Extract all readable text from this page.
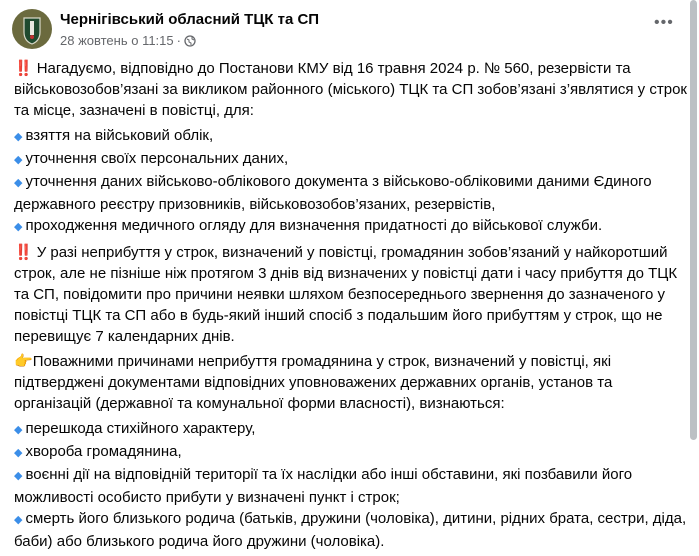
Чернігівський обласний ТЦК та СП
28 жовтень о 11:15 ·
•••
‼️ Нагадуємо, відповідно до Постанови КМУ від 16 травня 2024 р. № 560, резервісти та
військовозобов’язані за викликом районного (міського) ТЦК та СП зобов’язані з’являтися у строк
та місце, зазначені в повістці, для:
◆ взяття на військовий облік,
◆ уточнення своїх персональних даних,
◆ уточнення даних військово-облікового документа з військово-обліковими даними Єдиного
державного реєстру призовників, військовозобов’язаних, резервістів,
◆ проходження медичного огляду для визначення придатності до військової служби.
‼️ У разі неприбуття у строк, визначений у повістці, громадянин зобов’язаний у найкоротший
строк, але не пізніше ніж протягом 3 днів від визначених у повістці дати і часу прибуття до ТЦК
та СП, повідомити про причини неявки шляхом безпосереднього звернення до зазначеного у
повістці ТЦК та СП або в будь-який інший спосіб з подальшим його прибуттям у строк, що не
перевищує 7 календарних днів.
👉Поважними причинами неприбуття громадянина у строк, визначений у повістці, які
підтверджені документами відповідних уповноважених державних органів, установ та
організацій (державної та комунальної форми власності), визнаються:
◆ перешкода стихійного характеру,
◆ хвороба громадянина,
◆ воєнні дії на відповідній території та їх наслідки або інші обставини, які позбавили його
можливості особисто прибути у визначені пункт і строк;
◆ смерть його близького родича (батьків, дружини (чоловіка), дитини, рідних брата, сестри, діда,
баби) або близького родича його дружини (чоловіка).
